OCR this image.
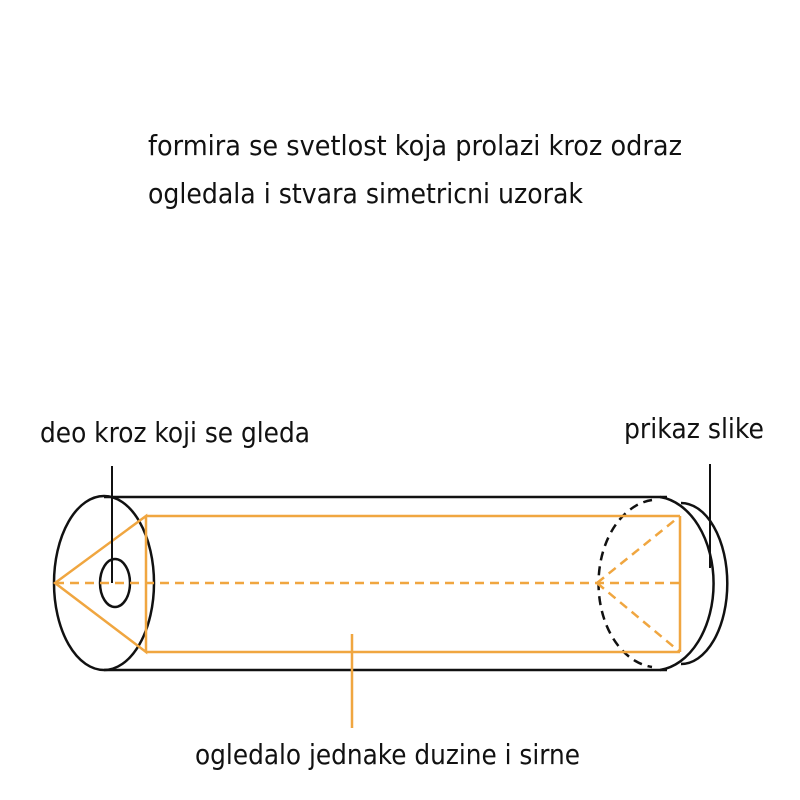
formira se svetlost koja prolazi kroz odraz
ogledala i stvara simetricni uzorak
deo kroz koji se gleda	prikaz slike
ogledalo jednake duzine i sirne
